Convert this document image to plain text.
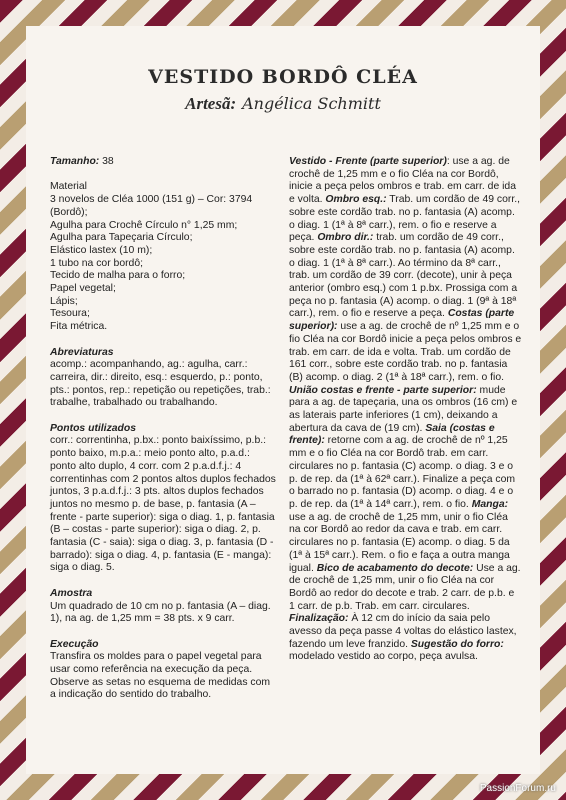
VESTIDO BORDÔ CLÉA
Artesã: Angélica Schmitt

Tamanho: 38

Material

3 novelos de Cléa 1000 (151 g) – Cor: 3794 (Bordô);

Agulha para Crochê Círculo n° 1,25 mm;

Agulha para Tapeçaria Círculo;

Elástico lastex (10 m);

1 tubo na cor bordô;

Tecido de malha para o forro;

Papel vegetal;

Lápis;

Tesoura;

Fita métrica.

Abreviaturas

acomp.: acompanhando, ag.: agulha, carr.: carreira, dir.: direito, esq.: esquerdo, p.: ponto, pts.: pontos, rep.: repetição ou repetições, trab.: trabalhe, trabalhado ou trabalhando.

Pontos utilizados

corr.: correntinha, p.bx.: ponto baixíssimo, p.b.: ponto baixo, m.p.a.: meio ponto alto, p.a.d.: ponto alto duplo, 4 corr. com 2 p.a.d.f.j.: 4 correntinhas com 2 pontos altos duplos fechados juntos, 3 p.a.d.f.j.: 3 pts. altos duplos fechados juntos no mesmo p. de base, p. fantasia (A – frente - parte superior): siga o diag. 1, p. fantasia (B – costas - parte superior): siga o diag. 2, p. fantasia (C - saia): siga o diag. 3, p. fantasia (D - barrado): siga o diag. 4, p. fantasia (E - manga): siga o diag. 5.

Amostra

Um quadrado de 10 cm no p. fantasia (A – diag. 1), na ag. de 1,25 mm = 38 pts. x 9 carr.

Execução

Transfira os moldes para o papel vegetal para usar como referência na execução da peça. Observe as setas no esquema de medidas com a indicação do sentido do trabalho.

Vestido - Frente (parte superior): use a ag. de crochê de 1,25 mm e o fio Cléa na cor Bordô, inicie a peça pelos ombros e trab. em carr. de ida e volta. Ombro esq.: Trab. um cordão de 49 corr., sobre este cordão trab. no p. fantasia (A) acomp. o diag. 1 (1ª à 8ª carr.), rem. o fio e reserve a peça. Ombro dir.: trab. um cordão de 49 corr., sobre este cordão trab. no p. fantasia (A) acomp. o diag. 1 (1ª à 8ª carr.). Ao término da 8ª carr., trab. um cordão de 39 corr. (decote), unir à peça anterior (ombro esq.) com 1 p.bx. Prossiga com a peça no p. fantasia (A) acomp. o diag. 1 (9ª à 18ª carr.), rem. o fio e reserve a peça. Costas (parte superior): use a ag. de crochê de nº 1,25 mm e o fio Cléa na cor Bordô inicie a peça pelos ombros e trab. em carr. de ida e volta. Trab. um cordão de 161 corr., sobre este cordão trab. no p. fantasia (B) acomp. o diag. 2 (1ª à 18ª carr.), rem. o fio. União costas e frente - parte superior: mude para a ag. de tapeçaria, una os ombros (16 cm) e as laterais parte inferiores (1 cm), deixando a abertura da cava de (19 cm). Saia (costas e frente): retorne com a ag. de crochê de nº 1,25 mm e o fio Cléa na cor Bordô trab. em carr. circulares no p. fantasia (C) acomp. o diag. 3 e o p. de rep. da (1ª à 62ª carr.). Finalize a peça com o barrado no p. fantasia (D) acomp. o diag. 4 e o p. de rep. da (1ª à 14ª carr.), rem. o fio. Manga: use a ag. de crochê de 1,25 mm, unir o fio Cléa na cor Bordô ao redor da cava e trab. em carr. circulares no p. fantasia (E) acomp. o diag. 5 da (1ª à 15ª carr.). Rem. o fio e faça a outra manga igual. Bico de acabamento do decote: Use a ag. de crochê de 1,25 mm, unir o fio Cléa na cor Bordô ao redor do decote e trab. 2 carr. de p.b. e 1 carr. de p.b. Trab. em carr. circulares. Finalização: À 12 cm do início da saia pelo avesso da peça passe 4 voltas do elástico lastex, fazendo um leve franzido. Sugestão do forro: modelado vestido ao corpo, peça avulsa.

PassionForum.ru
